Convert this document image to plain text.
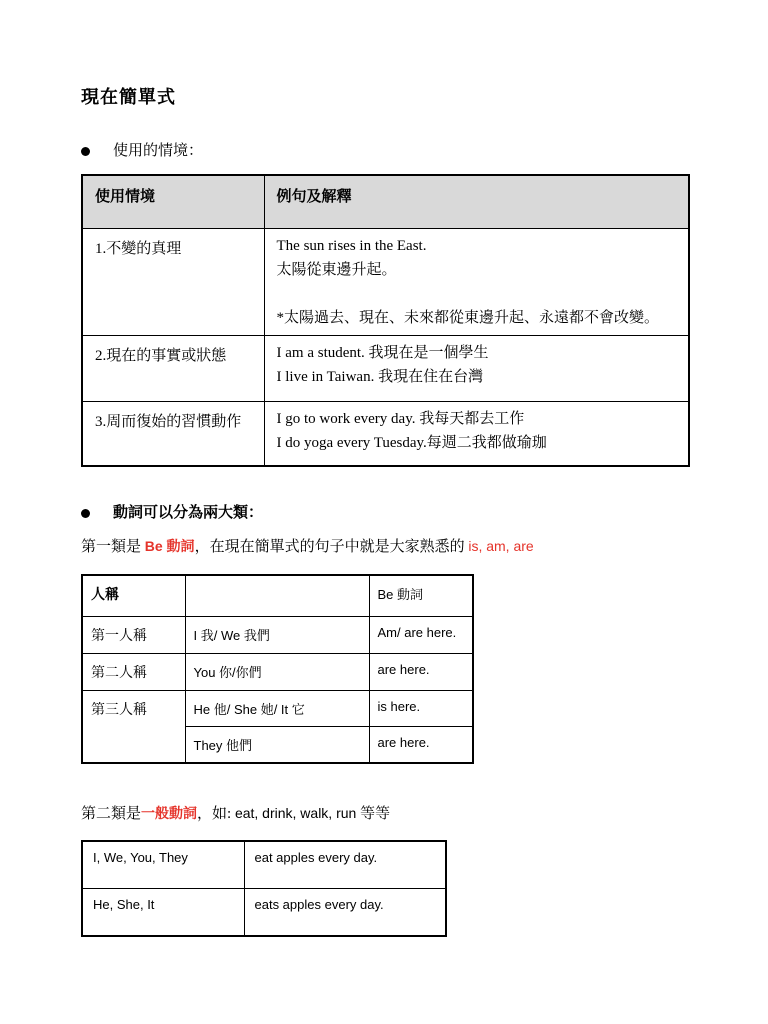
現在簡單式
使用的情境：
使用情境	例句及解釋
1.不變的真理	The sun rises in the East.
太陽從東邊升起。
*太陽過去、現在、未來都從東邊升起、永遠都不會改變。

2.現在的事實或狀態	I am a student. 我現在是一個學生
I live in Taiwan. 我現在住在台灣

3.周而復始的習慣動作	I go to work every day. 我每天都去工作
I do yoga every Tuesday.每週二我都做瑜珈
動詞可以分為兩大類：
第一類是 Be 動詞，在現在簡單式的句子中就是大家熟悉的 is, am, are
人稱		Be 動詞
第一人稱	I 我/ We 我們	Am/ are here.
第二人稱	You 你/你們	are here.
第三人稱	He 他/ She 她/ It 它	is here.
	They 他們	are here.
第二類是一般動詞，如: eat, drink, walk, run 等等
I, We, You, They	eat apples every day.
He, She, It	eats apples every day.
